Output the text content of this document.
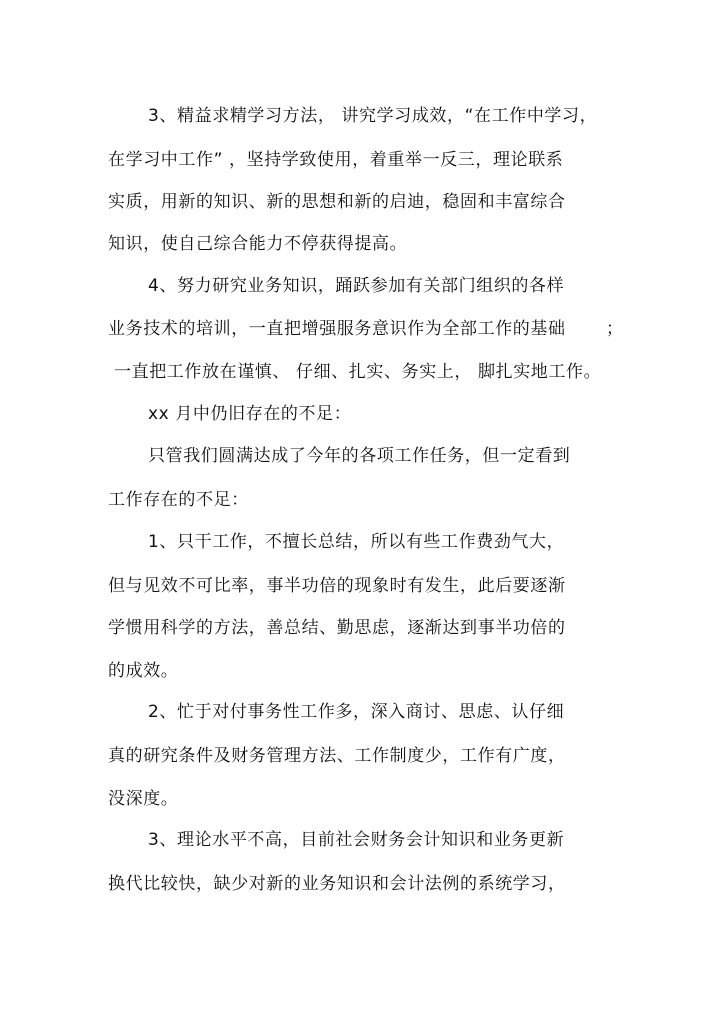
3、精益求精学习方法， 讲究学习成效，“在工作中学习，
在学习中工作” ，坚持学致使用，着重举一反三，理论联系
实质，用新的知识、新的思想和新的启迪，稳固和丰富综合
知识，使自己综合能力不停获得提高。
4、努力研究业务知识，踊跃参加有关部门组织的各样
业务技术的培训，一直把增强服务意识作为全部工作的基础 ；
一直把工作放在谨慎、 仔细、扎实、务实上， 脚扎实地工作。
xx 月中仍旧存在的不足：
只管我们圆满达成了今年的各项工作任务，但一定看到
工作存在的不足：
1、只干工作，不擅长总结，所以有些工作费劲气大，
但与见效不可比率，事半功倍的现象时有发生，此后要逐渐
学惯用科学的方法，善总结、勤思虑，逐渐达到事半功倍的
的成效。
2、忙于对付事务性工作多，深入商讨、思虑、认仔细
真的研究条件及财务管理方法、工作制度少，工作有广度，
没深度。
3、理论水平不高，目前社会财务会计知识和业务更新
换代比较快，缺少对新的业务知识和会计法例的系统学习，
